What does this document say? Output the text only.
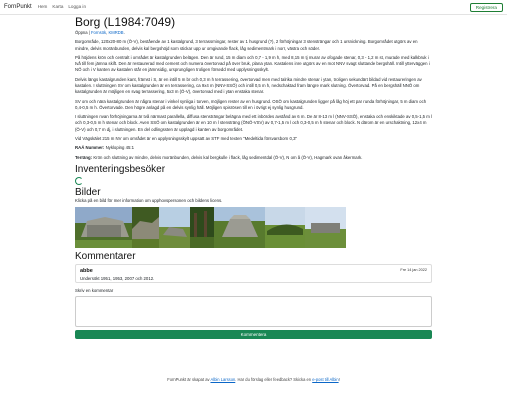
FornPunkt Hem Karta Logga in	Registrera
Borg (L1984:7049)
Öppna | Fornsök, KMRDB.

Borgområde, 120x20-80 m (Ö-V), bestående av 1 kastalgrund, 3 terrassrningar, rester av 1 husgrund (?), 2 förhöjningar 3 stensträngar och 1 ursnickning. Borgområdet utgörs av en mindre, delvis moränbunden, delvis kal bergshöjd som stickar upp ur omgivande flack, låg sedimentmark i norr, västra och söder.

På höjdens krön och centralt i området är kastalgrunden belägen. Den är rund, 15 m diam och 0,7 - 1,9 m h, med 8,15 m tj murar av ofogade stenar, 0,3 - 1,2 m st, murade med kalkbruk i två till fem jämna skift. Den är restaurerad med cement och numera övertorvad på över bruk, plana ytan. Kastalens inre utgörs av en mot NNV svagt sluttande bergshäll. Intill ytterväggen i NÖ och i V kanten av kastalen står en jämnsidig, ursprungligen troligen försedd med upplysningsskylt.

Delvis längs kastalgrunden kant, främst i S, är en intill 5 m br och 0,3 m h terrassering, övertorvad men med talrika mindre stenar i ytan, troligen sekundärt bildad vid restaureringen av kastalen. I sluttningen SV om kastalgrunden är en terrassering, ca 9x4 m (NNV-SSÖ) och intill 0,5 m h, nedschaktad fram längre mark slutning. Övertorvad. På en bergshäll NNÖ om kastalgrunden är möjligen en svag terrassering, 5x3 m (Ö-V), övertorvad med i ytan enstaka stenar.

SV om och nära kastalgrunden är några stenar i vinkel synliga i torven, möjligen rester av en husgrund. OSÖ om kastalgrunden ligger på låg höj ett par runda förhöjningar, 5 m diam och 0,4-0,5 m h. Övertorvade. Den högre anlagd på en delvis synlig häll. Möjligen spisrösen till en i övrigt ej synlig husgrund.

I sluttningen nvan förhöjningarna är två närmast parallella, diffusa stensträngar belägna med ett inbördes avstånd av 6 m. De är 8-13 m l (NNV-SSÖ), enstaka och enskiktade av 0,5-1,5 m l och 0,3-0,5 m h stenar och block. Aven SSÖ om kastalgrunden är en 10 m l stensträng (ÖNÖ-VSV) av 0,7-1,5 m l och 0,3-0,5 m h stenar och block. N därom är en urschaktning, 12x4 m (Ö-V) och 0,7 m dj, i sluttningen. En del odlingssten är upplagd i kanten av borgområdet.

Vid Vägskälet 215 m NV om området är en upplysningsskylt uppsatt av STF med texten "Medeltida försvarsborn 0,3"

RAÄ Nummer: Nykloping 45:1

Terräng: Krön och sluttning av mindre, delvis moränbunden, delvis kal bergkulle i flack, låg sedimentdal (Ö-V), N om å (Ö-V), Hagmark ovan åkermark.

Inventeringsbesöker
Bilder
Klicka på en bild för mer information om upphovspersonen och bildens licens.
Kommentarer
abbe	Fre 14 jan 2022
Undersökt 1951, 1953, 2007 och 2012.
Skriv en kommentar
Kommentera
FornPunkt är skapat av Albin Larsson. Har du förslag eller feedback? Skicka en e-post till Albin!
